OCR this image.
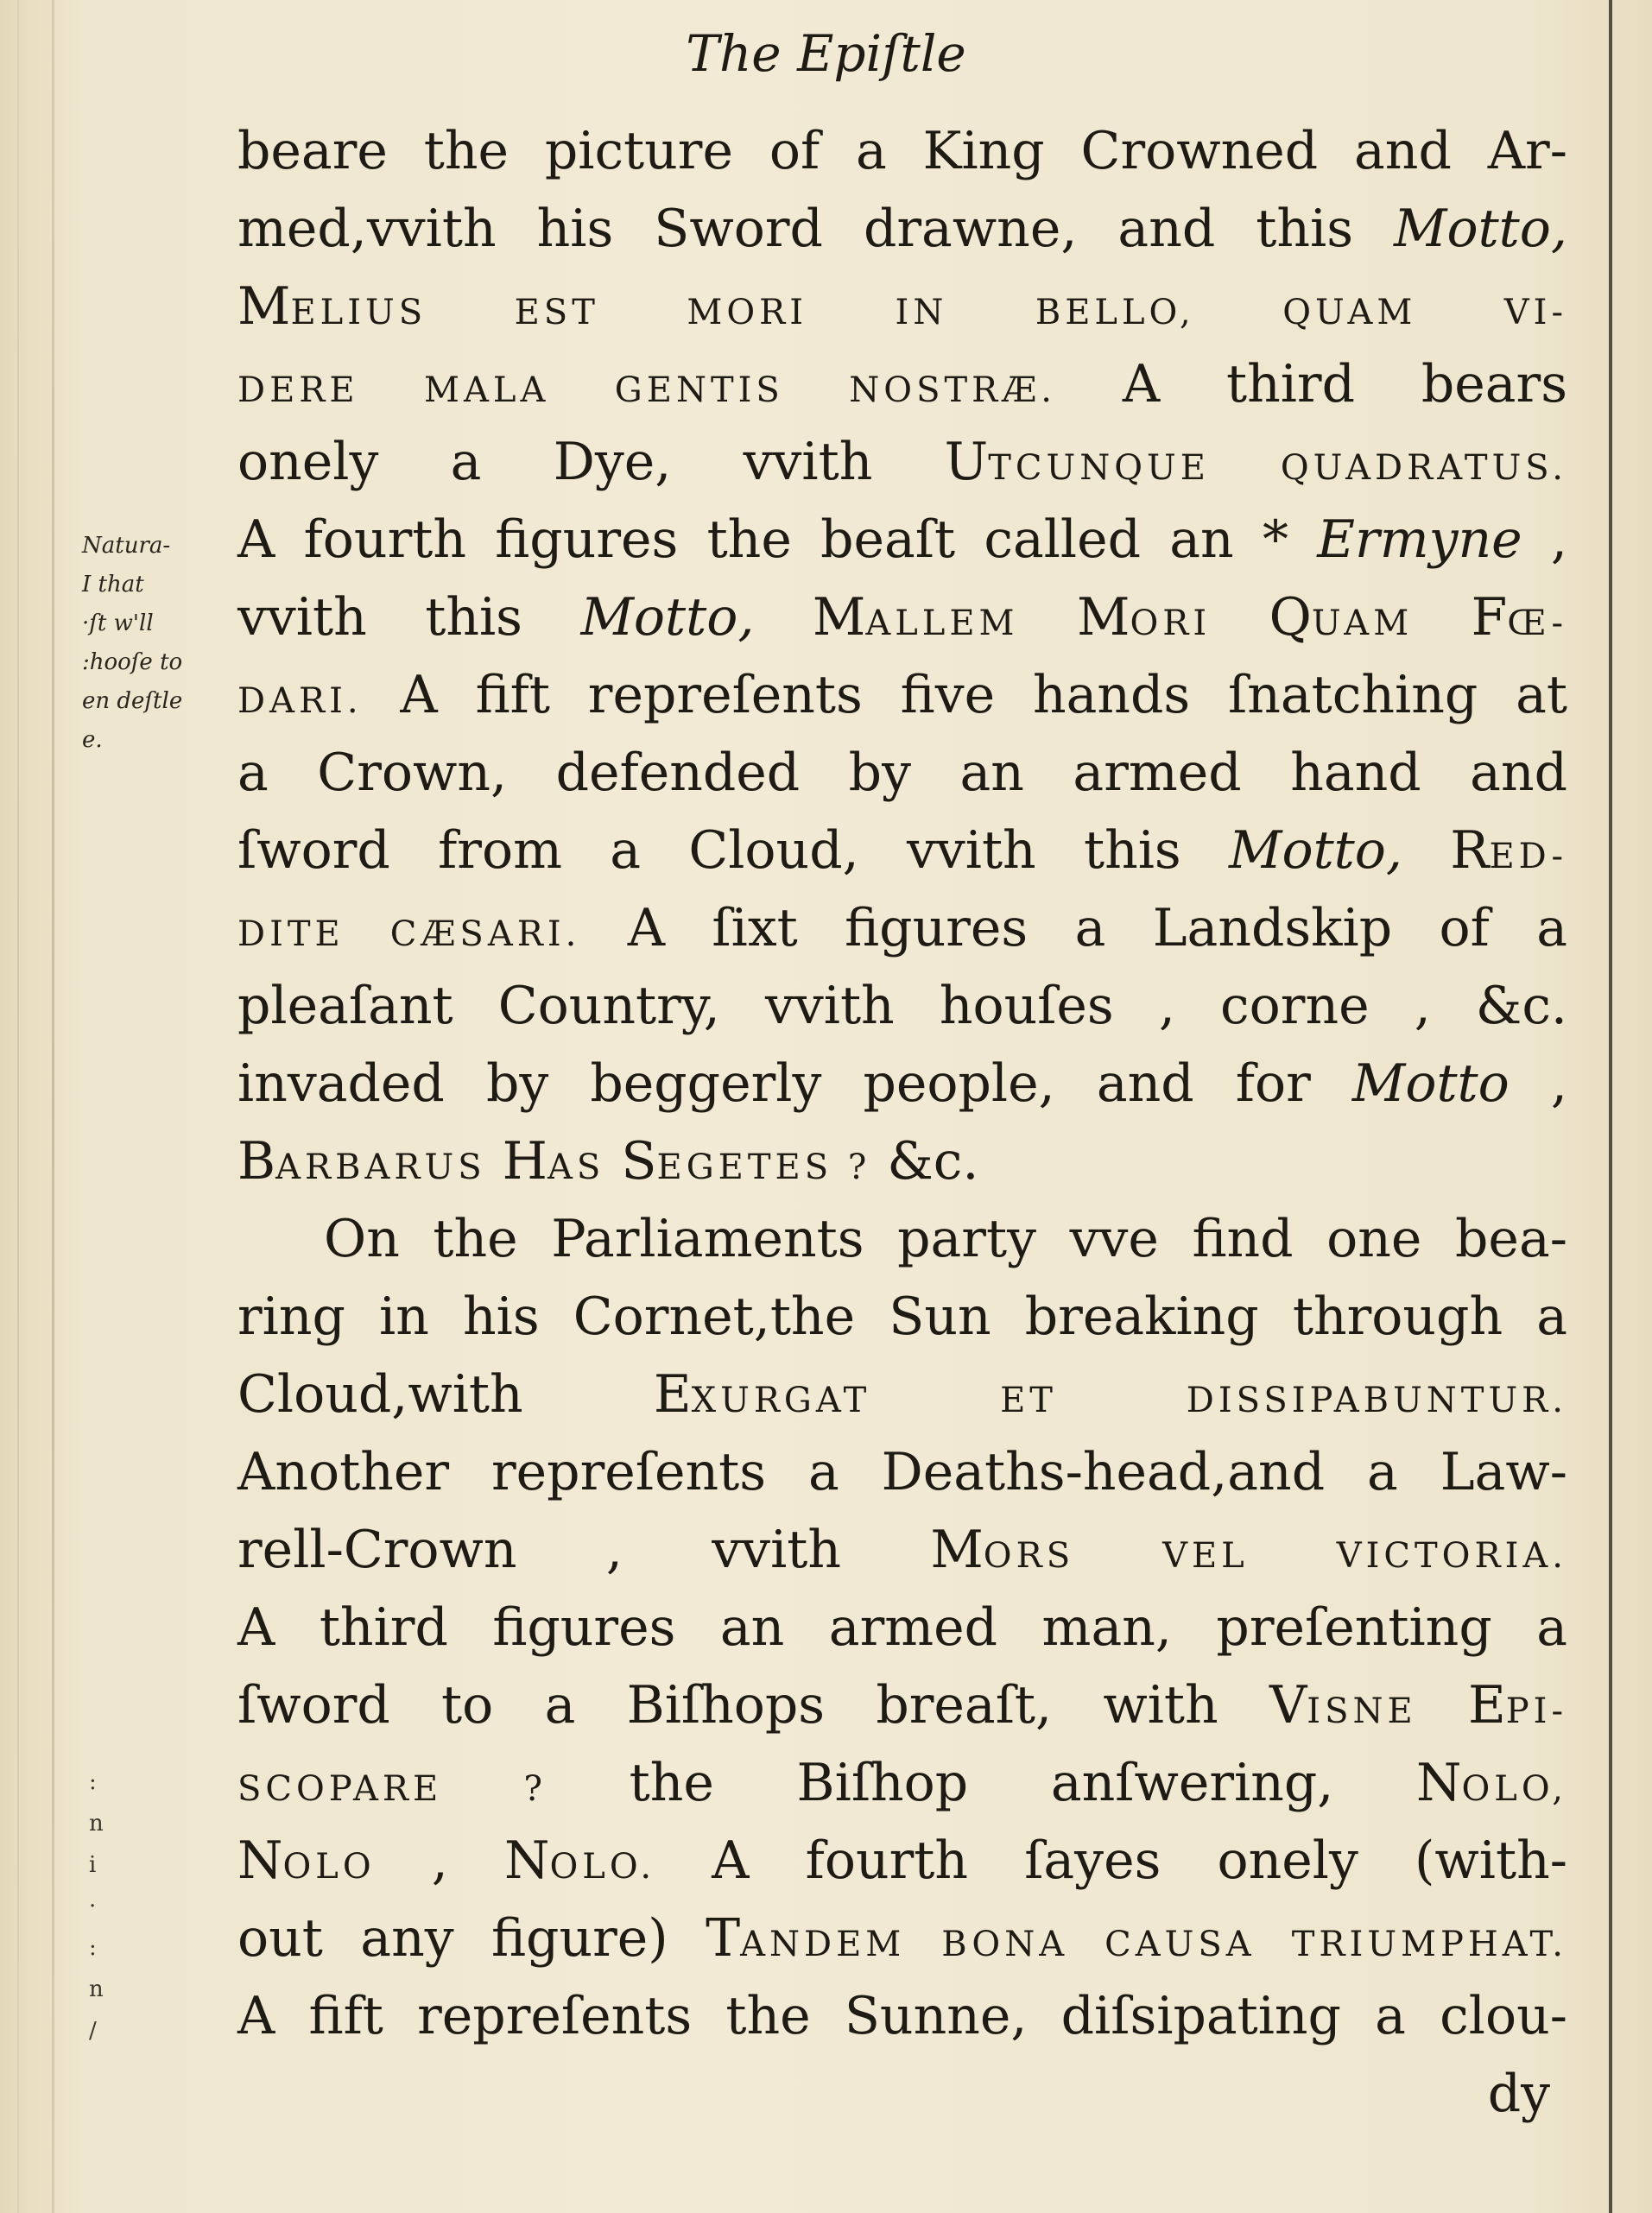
The Epiſtle
Natura-
I that
·ſt w'll
:hooſe to
en deſtle
e.
:
n
i
·
:
n
/
beare the picture of a King Crowned and Ar-
med,vvith his Sword drawne, and this Motto,
MELIUS EST MORI IN BELLO, QUAM VI-
DERE MALA GENTIS NOSTRÆ. A third bears
onely a Dye, vvith UTCUNQUE QUADRATUS.
A fourth figures the beaſt called an * Ermyne ,
vvith this Motto, MALLEM MORI QUAM FŒ-
DARI. A fift repreſents five hands ſnatching at
a Crown, defended by an armed hand and
ſword from a Cloud, vvith this Motto, RED-
DITE CÆSARI. A ſixt figures a Landskip of a
pleaſant Country, vvith houſes , corne , &c.
invaded by beggerly people, and for Motto ,
BARBARUS HAS SEGETES ? &c.
On the Parliaments party vve find one bea-
ring in his Cornet,the Sun breaking through a
Cloud,with EXURGAT ET DISSIPABUNTUR.
Another repreſents a Deaths-head,and a Law-
rell-Crown , vvith MORS VEL VICTORIA.
A third figures an armed man, preſenting a
ſword to a Biſhops breaſt, with VISNE EPI-
SCOPARE ? the Biſhop anſwering, NOLO,
NOLO , NOLO. A fourth ſayes onely (with-
out any figure) TANDEM BONA CAUSA TRIUMPHAT.
A fift repreſents the Sunne, diſsipating a clou-
dy
